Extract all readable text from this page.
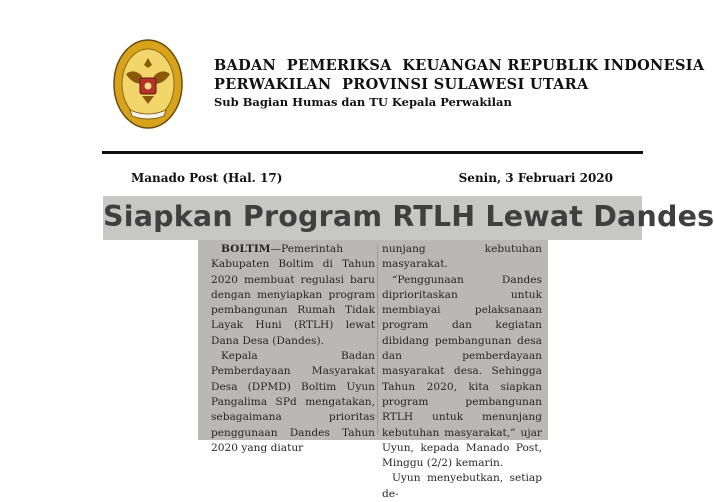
BADAN  PEMERIKSA  KEUANGAN REPUBLIK INDONESIA
PERWAKILAN  PROVINSI SULAWESI UTARA
Sub Bagian Humas dan TU Kepala Perwakilan
Manado Post (Hal. 17)	Senin, 3 Februari 2020
Siapkan Program RTLH Lewat Dandes

BOLTIM—Pemerintah Kabupaten Boltim di Tahun 2020 membuat regulasi baru dengan menyiapkan program pembangunan Rumah Tidak Layak Huni (RTLH) lewat Dana Desa (Dandes).

Kepala Badan Pemberdayaan Masyarakat Desa (DPMD) Boltim Uyun Pangalima SPd mengatakan, sebagaimana prioritas penggunaan Dandes Tahun 2020 yang diatur

nunjang kebutuhan masyarakat.

“Penggunaan Dandes diprioritaskan untuk membiayai pelaksanaan program dan kegiatan dibidang pembangunan desa dan pemberdayaan masyarakat desa. Sehingga Tahun 2020, kita siapkan program pembangunan RTLH untuk menunjang kebutuhan masyarakat,” ujar Uyun, kepada Manado Post, Minggu (2/2) kemarin.

Uyun menyebutkan, setiap de-
